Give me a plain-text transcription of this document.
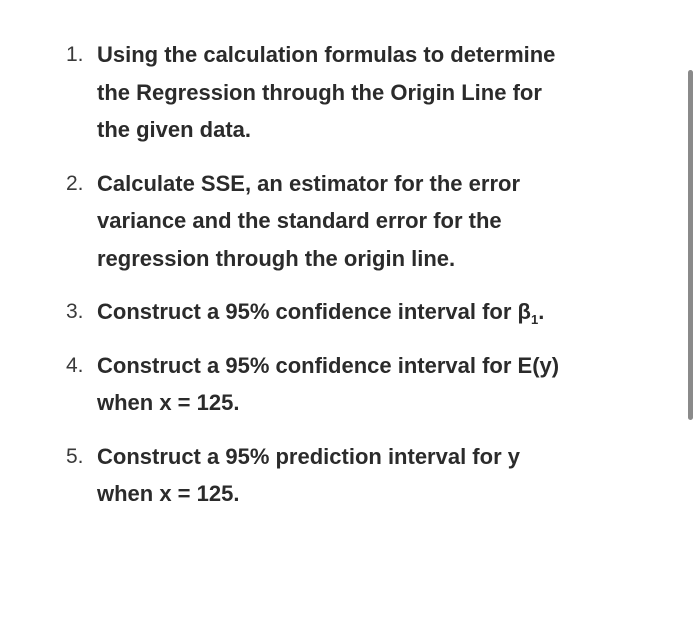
1. Using the calculation formulas to determine the Regression through the Origin Line for the given data.
2. Calculate SSE, an estimator for the error variance and the standard error for the regression through the origin line.
3. Construct a 95% confidence interval for $\beta_1$.
4. Construct a 95% confidence interval for E(y) when x = 125.
5. Construct a 95% prediction interval for y when x = 125.
